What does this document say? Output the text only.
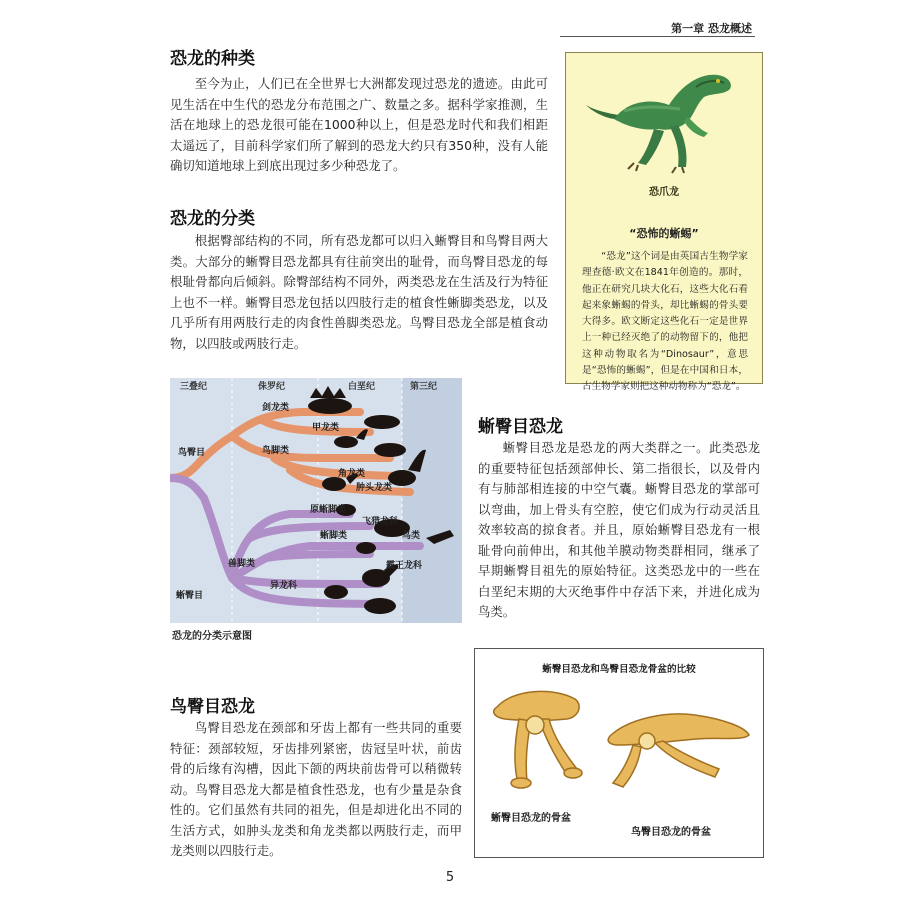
第一章 恐龙概述
恐龙的种类

至今为止，人们已在全世界七大洲都发现过恐龙的遗迹。由此可见生活在中生代的恐龙分布范围之广、数量之多。据科学家推测，生活在地球上的恐龙很可能在1000种以上，但是恐龙时代和我们相距太遥远了，目前科学家们所了解到的恐龙大约只有350种，没有人能确切知道地球上到底出现过多少种恐龙了。

恐龙的分类

根据臀部结构的不同，所有恐龙都可以归入蜥臀目和鸟臀目两大类。大部分的蜥臀目恐龙都具有往前突出的耻骨，而鸟臀目恐龙的每根耻骨都向后倾斜。除臀部结构不同外，两类恐龙在生活及行为特征上也不一样。蜥臀目恐龙包括以四肢行走的植食性蜥脚类恐龙，以及几乎所有用两肢行走的肉食性兽脚类恐龙。鸟臀目恐龙全部是植食动物，以四肢或两肢行走。

恐爪龙
“恐怖的蜥蜴”
“恐龙”这个词是由英国古生物学家理查德·欧文在1841年创造的。那时，他正在研究几块大化石，这些大化石看起来象蜥蜴的骨头，却比蜥蜴的骨头要大得多。欧文断定这些化石一定是世界上一种已经灭绝了的动物留下的，他把这种动物取名为“Dinosaur”，意思是“恐怖的蜥蜴”，但是在中国和日本，古生物学家则把这种动物称为“恐龙”。
三叠纪	侏罗纪	白垩纪	第三纪
鸟臀目
剑龙类
甲龙类
鸟脚类
角龙类
肿头龙类
原蜥脚类
蜥脚类
飞猎龙科
鸟类
兽脚类	霸王龙科
异龙科
蜥臀目
恐龙的分类示意图
蜥臀目恐龙

蜥臀目恐龙是恐龙的两大类群之一。此类恐龙的重要特征包括颈部伸长、第二指很长，以及骨内有与肺部相连接的中空气囊。蜥臀目恐龙的掌部可以弯曲，加上骨头有空腔，使它们成为行动灵活且效率较高的掠食者。并且，原始蜥臀目恐龙有一根耻骨向前伸出，和其他羊膜动物类群相同，继承了早期蜥臀目祖先的原始特征。这类恐龙中的一些在白垩纪末期的大灭绝事件中存活下来，并进化成为鸟类。

鸟臀目恐龙

鸟臀目恐龙在颈部和牙齿上都有一些共同的重要特征：颈部较短，牙齿排列紧密，齿冠呈叶状，前齿骨的后缘有沟槽，因此下颌的两块前齿骨可以稍微转动。鸟臀目恐龙大都是植食性恐龙，也有少量是杂食性的。它们虽然有共同的祖先，但是却进化出不同的生活方式，如肿头龙类和角龙类都以两肢行走，而甲龙类则以四肢行走。

蜥臀目恐龙和鸟臀目恐龙骨盆的比较
蜥臀目恐龙的骨盆
鸟臀目恐龙的骨盆
5
